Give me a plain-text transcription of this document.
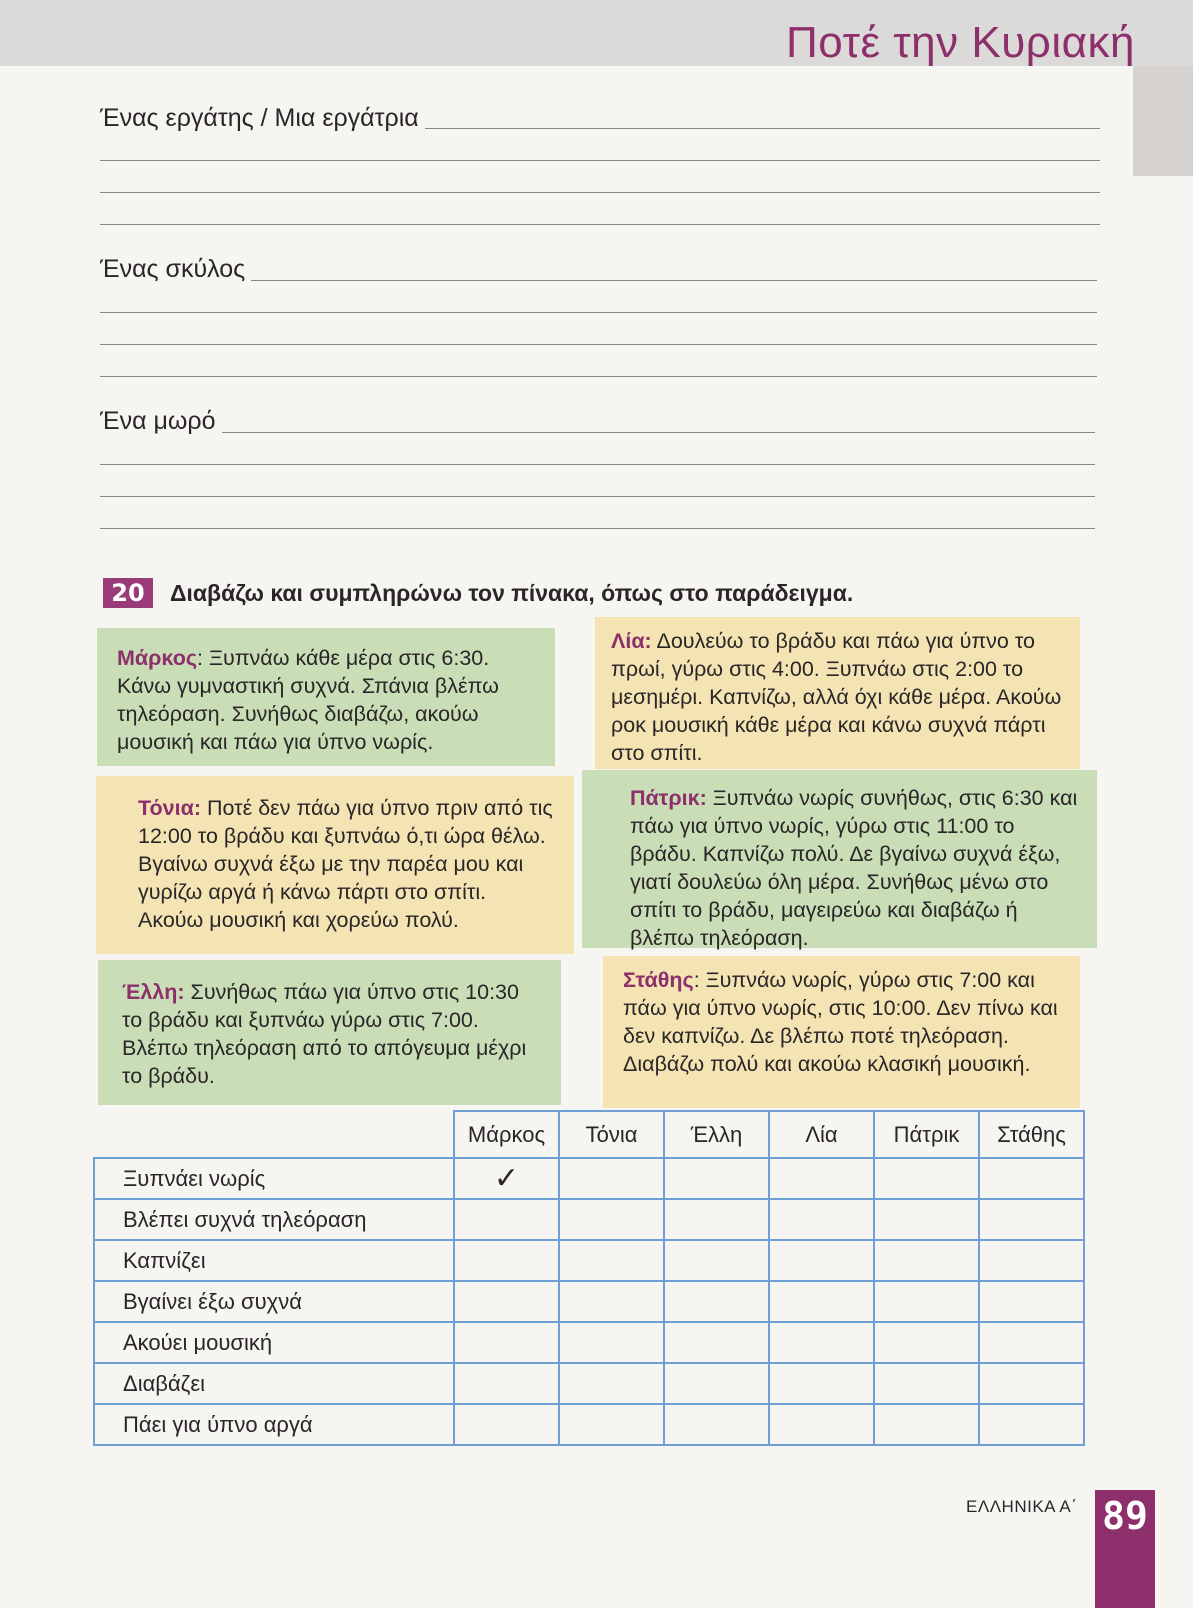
Ποτέ την Κυριακή
Ένας εργάτης / Μια εργάτρια
Ένας σκύλος
Ένα μωρό
20	Διαβάζω και συμπληρώνω τον πίνακα, όπως στο παράδειγμα.
Μάρκος: Ξυπνάω κάθε μέρα στις 6:30. Κάνω γυμναστική συχνά. Σπάνια βλέπω τηλεόραση. Συνήθως διαβάζω, ακούω μουσική και πάω για ύπνο νωρίς.
Λία: Δουλεύω το βράδυ και πάω για ύπνο το πρωί, γύρω στις 4:00. Ξυπνάω στις 2:00 το μεσημέρι. Καπνίζω, αλλά όχι κάθε μέρα. Ακούω ροκ μουσική κάθε μέρα και κάνω συχνά πάρτι στο σπίτι.
Τόνια: Ποτέ δεν πάω για ύπνο πριν από τις 12:00 το βράδυ και ξυπνάω ό,τι ώρα θέλω. Βγαίνω συχνά έξω με την παρέα μου και γυρίζω αργά ή κάνω πάρτι στο σπίτι. Ακούω μουσική και χορεύω πολύ.
Πάτρικ: Ξυπνάω νωρίς συνήθως, στις 6:30 και πάω για ύπνο νωρίς, γύρω στις 11:00 το βράδυ. Καπνίζω πολύ. Δε βγαίνω συχνά έξω, γιατί δουλεύω όλη μέρα. Συνήθως μένω στο σπίτι το βράδυ, μαγειρεύω και διαβάζω ή βλέπω τηλεόραση.
Έλλη: Συνήθως πάω για ύπνο στις 10:30 το βράδυ και ξυπνάω γύρω στις 7:00. Βλέπω τηλεόραση από το απόγευμα μέχρι το βράδυ.
Στάθης: Ξυπνάω νωρίς, γύρω στις 7:00 και πάω για ύπνο νωρίς, στις 10:00. Δεν πίνω και δεν καπνίζω. Δε βλέπω ποτέ τηλεόραση. Διαβάζω πολύ και ακούω κλασική μουσική.
	Μάρκος	Τόνια	Έλλη	Λία	Πάτρικ	Στάθης
Ξυπνάει νωρίς	✓					
Βλέπει συχνά τηλεόραση						
Καπνίζει						
Βγαίνει έξω συχνά						
Ακούει μουσική						
Διαβάζει						
Πάει για ύπνο αργά						
ΕΛΛΗΝΙΚΑ Α΄ 89
